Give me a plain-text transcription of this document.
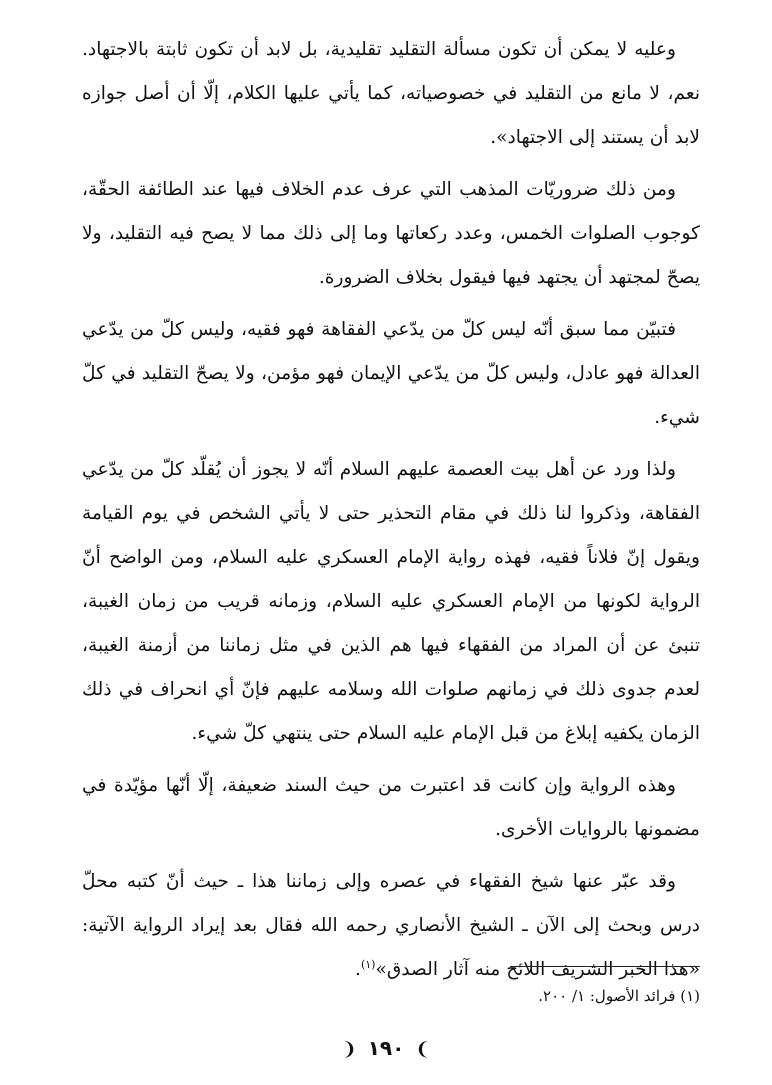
وعليه لا يمكن أن تكون مسألة التقليد تقليدية، بل لابد أن تكون ثابتة بالاجتهاد. نعم، لا مانع من التقليد في خصوصياته، كما يأتي عليها الكلام، إلّا أن أصل جوازه لابد أن يستند إلى الاجتهاد».

ومن ذلك ضروريّات المذهب التي عرف عدم الخلاف فيها عند الطائفة الحقّة، كوجوب الصلوات الخمس، وعدد ركعاتها وما إلى ذلك مما لا يصح فيه التقليد، ولا يصحّ لمجتهد أن يجتهد فيها فيقول بخلاف الضرورة.

فتبيّن مما سبق أنّه ليس كلّ من يدّعي الفقاهة فهو فقيه، وليس كلّ من يدّعي العدالة فهو عادل، وليس كلّ من يدّعي الإيمان فهو مؤمن، ولا يصحّ التقليد في كلّ شيء.

ولذا ورد عن أهل بيت العصمة عليهم السلام أنّه لا يجوز أن يُقلّد كلّ من يدّعي الفقاهة، وذكروا لنا ذلك في مقام التحذير حتى لا يأتي الشخص في يوم القيامة ويقول إنّ فلاناً فقيه، فهذه رواية الإمام العسكري عليه السلام، ومن الواضح أنّ الرواية لكونها من الإمام العسكري عليه السلام، وزمانه قريب من زمان الغيبة، تنبئ عن أن المراد من الفقهاء فيها هم الذين في مثل زماننا من أزمنة الغيبة، لعدم جدوى ذلك في زمانهم صلوات الله وسلامه عليهم فإنّ أي انحراف في ذلك الزمان يكفيه إبلاغ من قبل الإمام عليه السلام حتى ينتهي كلّ شيء.

وهذه الرواية وإن كانت قد اعتبرت من حيث السند ضعيفة، إلّا أنّها مؤيّدة في مضمونها بالروايات الأخرى.

وقد عبّر عنها شيخ الفقهاء في عصره وإلى زماننا هذا ـ حيث أنّ كتبه محلّ درس وبحث إلى الآن ـ الشيخ الأنصاري رحمه الله فقال بعد إيراد الرواية الآتية: «هذا الخبر الشريف اللائح منه آثار الصدق»$^{(١)}$.

(١) فرائد الأصول: ١/ ٢٠٠.
❩ ١٩٠ ❨
